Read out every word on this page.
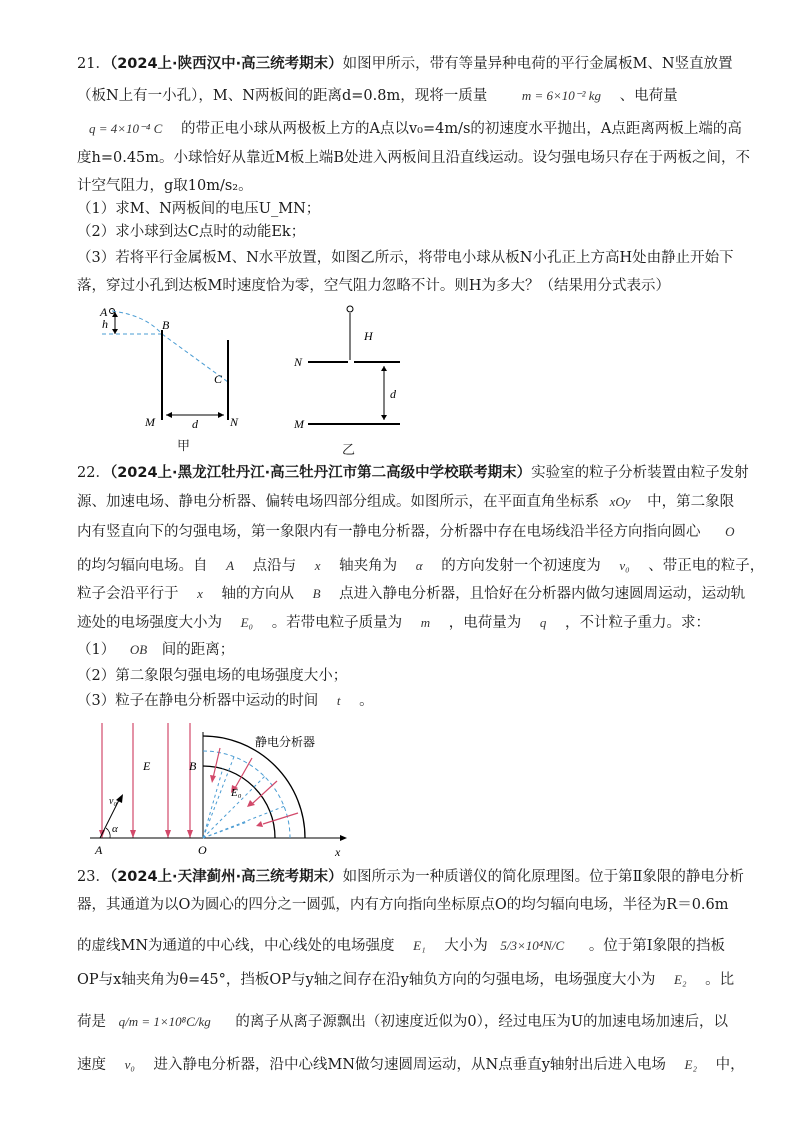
21．（2024上·陕西汉中·高三统考期末）如图甲所示，带有等量异种电荷的平行金属板M、N竖直放置
（板N上有一小孔），M、N两板间的距离d=0.8m，现将一质量	m = 6×10⁻² kg 、电荷量
q = 4×10⁻⁴ C 的带正电小球从两极板上方的A点以v₀=4m/s的初速度水平抛出，A点距离两板上端的高
度h=0.45m。小球恰好从靠近M板上端B处进入两板间且沿直线运动。设匀强电场只存在于两板之间，不
计空气阻力，g取10m/s₂。
（1）求M、N两板间的电压U_MN；
（2）求小球到达C点时的动能Ek；
（3）若将平行金属板M、N水平放置，如图乙所示，将带电小球从板N小孔正上方高H处由静止开始下
落，穿过小孔到达板M时速度恰为零，空气阻力忽略不计。则H为多大？（结果用分式表示）
A
h	B
C
M	N
d
甲
H
N
d
M
乙
22．（2024上·黑龙江牡丹江·高三牡丹江市第二高级中学校联考期末）实验室的粒子分析装置由粒子发射
源、加速电场、静电分析器、偏转电场四部分组成。如图所示，在平面直角坐标系 xOy 中，第二象限
内有竖直向下的匀强电场，第一象限内有一静电分析器，分析器中存在电场线沿半径方向指向圆心 O
的均匀辐向电场。自 A 点沿与 x 轴夹角为 α 的方向发射一个初速度为 v₀ 、带正电的粒子，
粒子会沿平行于 x 轴的方向从 B 点进入静电分析器，且恰好在分析器内做匀速圆周运动，运动轨
迹处的电场强度大小为 E₀ 。若带电粒子质量为 m ，电荷量为 q ，不计粒子重力。求：
（1） OB 间的距离；
（2）第二象限匀强电场的电场强度大小；
（3）粒子在静电分析器中运动的时间 t 。
E
v₀
α
A	O	x
B
E₀
静电分析器
23．（2024上·天津蓟州·高三统考期末）如图所示为一种质谱仪的简化原理图。位于第Ⅱ象限的静电分析
器，其通道为以O为圆心的四分之一圆弧，内有方向指向坐标原点O的均匀辐向电场，半径为R＝0.6m
的虚线MN为通道的中心线，中心线处的电场强度 E₁ 大小为 5/3×10⁴N/C 。位于第Ⅰ象限的挡板
OP与x轴夹角为θ=45°，挡板OP与y轴之间存在沿y轴负方向的匀强电场，电场强度大小为 E₂ 。比
荷是 q/m = 1×10⁸C/kg 的离子从离子源飘出（初速度近似为0），经过电压为U的加速电场加速后，以
速度 v₀ 进入静电分析器，沿中心线MN做匀速圆周运动，从N点垂直y轴射出后进入电场 E₂ 中，
